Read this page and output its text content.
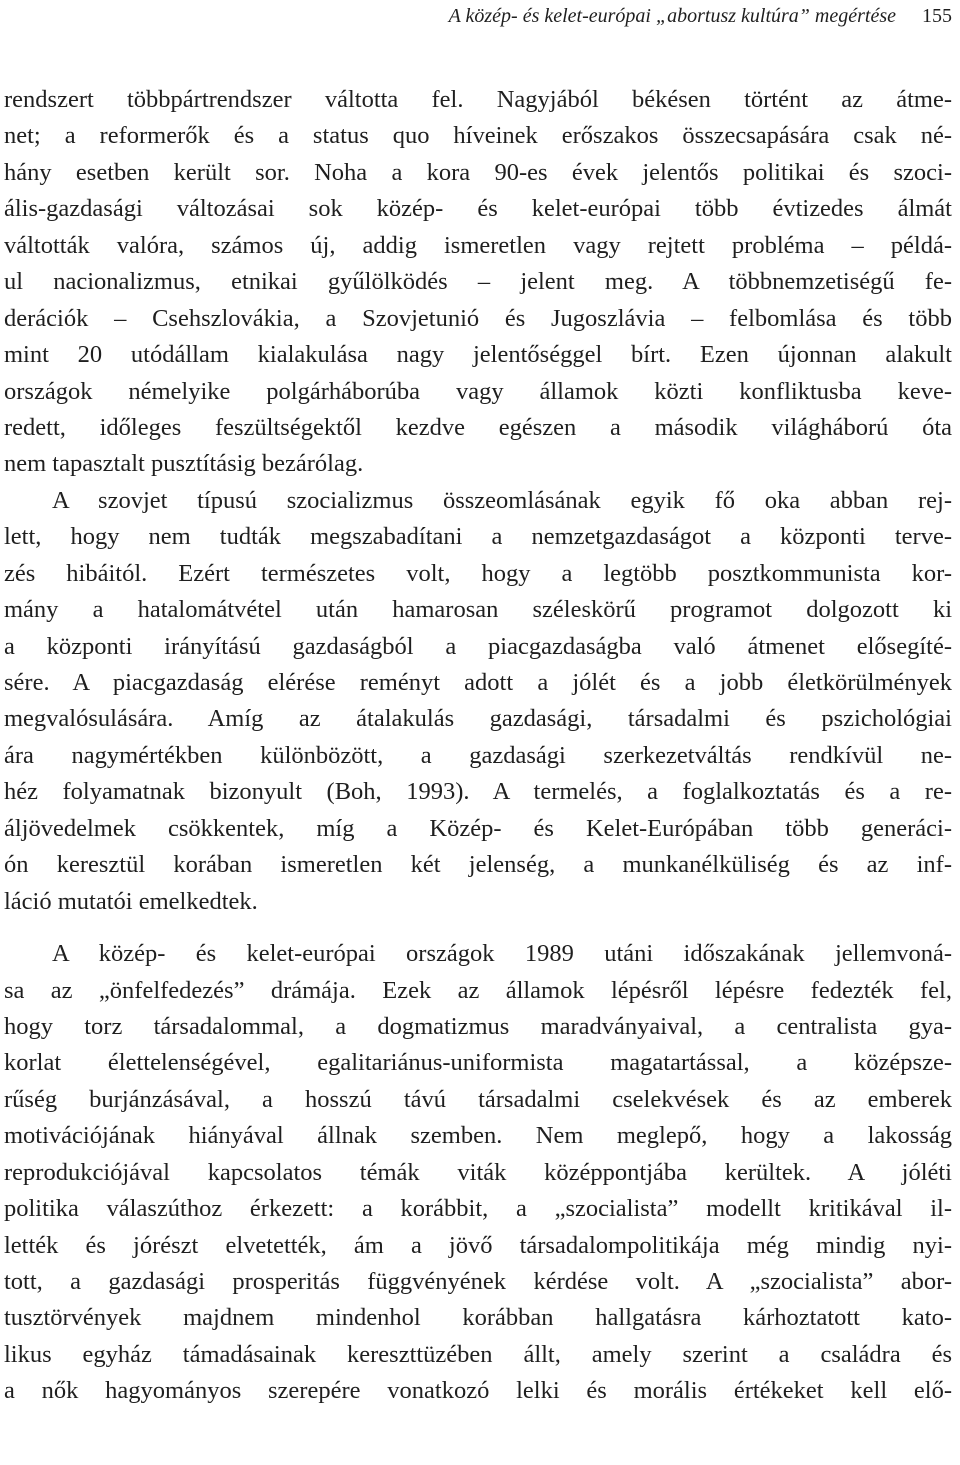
A közép- és kelet-európai „abortusz kultúra” megértése 155
rendszert többpártrendszer váltotta fel. Nagyjából békésen történt az átme-
net; a reformerők és a status quo híveinek erőszakos összecsapására csak né-
hány esetben került sor. Noha a kora 90-es évek jelentős politikai és szoci-
ális-gazdasági változásai sok közép- és kelet-európai több évtizedes álmát
váltották valóra, számos új, addig ismeretlen vagy rejtett probléma – példá-
ul nacionalizmus, etnikai gyűlölködés – jelent meg. A többnemzetiségű fe-
derációk – Csehszlovákia, a Szovjetunió és Jugoszlávia – felbomlása és több
mint 20 utódállam kialakulása nagy jelentőséggel bírt. Ezen újonnan alakult
országok némelyike polgárháborúba vagy államok közti konfliktusba keve-
redett, időleges feszültségektől kezdve egészen a második világháború óta
nem tapasztalt pusztításig bezárólag.
A szovjet típusú szocializmus összeomlásának egyik fő oka abban rej-
lett, hogy nem tudták megszabadítani a nemzetgazdaságot a központi terve-
zés hibáitól. Ezért természetes volt, hogy a legtöbb posztkommunista kor-
mány a hatalomátvétel után hamarosan széleskörű programot dolgozott ki
a központi irányítású gazdaságból a piacgazdaságba való átmenet elősegíté-
sére. A piacgazdaság elérése reményt adott a jólét és a jobb életkörülmények
megvalósulására. Amíg az átalakulás gazdasági, társadalmi és pszichológiai
ára nagymértékben különbözött, a gazdasági szerkezetváltás rendkívül ne-
héz folyamatnak bizonyult (Boh, 1993). A termelés, a foglalkoztatás és a re-
áljövedelmek csökkentek, míg a Közép- és Kelet-Európában több generáci-
ón keresztül korában ismeretlen két jelenség, a munkanélküliség és az inf-
láció mutatói emelkedtek.
A közép- és kelet-európai országok 1989 utáni időszakának jellemvoná-
sa az „önfelfedezés” drámája. Ezek az államok lépésről lépésre fedezték fel,
hogy torz társadalommal, a dogmatizmus maradványaival, a centralista gya-
korlat élettelenségével, egalitariánus-uniformista magatartással, a középsze-
rűség burjánzásával, a hosszú távú társadalmi cselekvések és az emberek
motivációjának hiányával állnak szemben. Nem meglepő, hogy a lakosság
reprodukciójával kapcsolatos témák viták középpontjába kerültek. A jóléti
politika válaszúthoz érkezett: a korábbit, a „szocialista” modellt kritikával il-
lették és jórészt elvetették, ám a jövő társadalompolitikája még mindig nyi-
tott, a gazdasági prosperitás függvényének kérdése volt. A „szocialista” abor-
tusztörvények majdnem mindenhol korábban hallgatásra kárhoztatott kato-
likus egyház támadásainak kereszttüzében állt, amely szerint a családra és
a nők hagyományos szerepére vonatkozó lelki és morális értékeket kell elő-
